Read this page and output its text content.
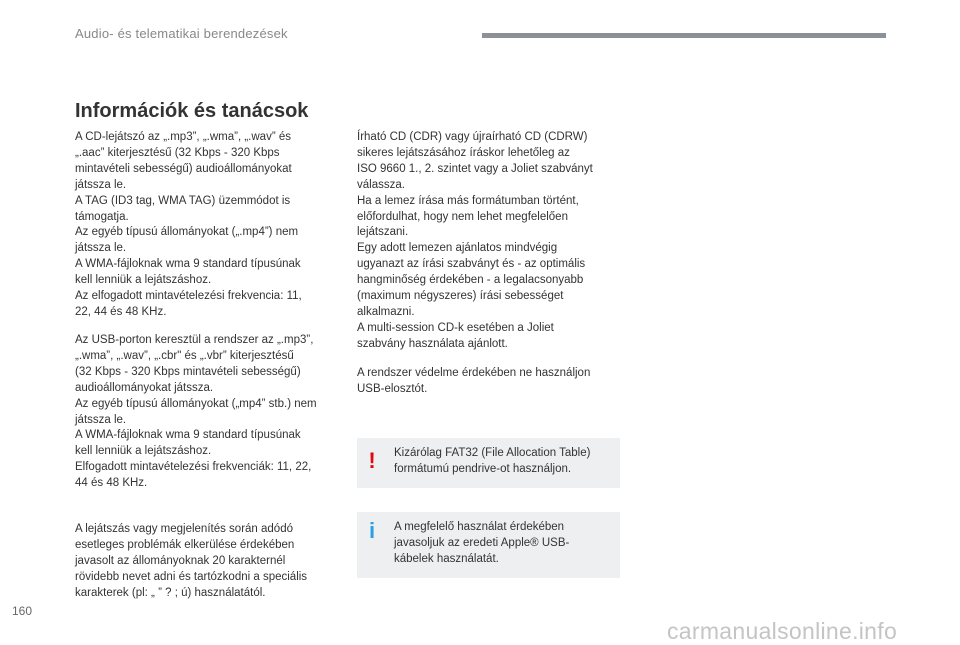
Audio- és telematikai berendezések
Információk és tanácsok

A CD-lejátszó az „.mp3”, „.wma”, „.wav” és
„.aac” kiterjesztésű (32 Kbps - 320 Kbps
mintavételi sebességű) audioállományokat
játssza le.
A TAG (ID3 tag, WMA TAG) üzemmódot is
támogatja.
Az egyéb típusú állományokat („.mp4”) nem
játssza le.
A WMA-fájloknak wma 9 standard típusúnak
kell lenniük a lejátszáshoz.
Az elfogadott mintavételezési frekvencia: 11,
22, 44 és 48 KHz.

Az USB-porton keresztül a rendszer az „.mp3”,
„.wma”, „.wav”, „.cbr" és „.vbr” kiterjesztésű
(32 Kbps - 320 Kbps mintavételi sebességű)
audioállományokat játssza.
Az egyéb típusú állományokat („mp4” stb.) nem
játssza le.
A WMA-fájloknak wma 9 standard típusúnak
kell lenniük a lejátszáshoz.
Elfogadott mintavételezési frekvenciák: 11, 22,
44 és 48 KHz.

A lejátszás vagy megjelenítés során adódó
esetleges problémák elkerülése érdekében
javasolt az állományoknak 20 karakternél
rövidebb nevet adni és tartózkodni a speciális
karakterek (pl: „ ” ? ; ú) használatától.

Írható CD (CDR) vagy újraírható CD (CDRW)
sikeres lejátszásához íráskor lehetőleg az
ISO 9660 1., 2. szintet vagy a Joliet szabványt
válassza.
Ha a lemez írása más formátumban történt,
előfordulhat, hogy nem lehet megfelelően
lejátszani.
Egy adott lemezen ajánlatos mindvégig
ugyanazt az írási szabványt és - az optimális
hangminőség érdekében - a legalacsonyabb
(maximum négyszeres) írási sebességet
alkalmazni.
A multi-session CD-k esetében a Joliet
szabvány használata ajánlott.

A rendszer védelme érdekében ne használjon
USB-elosztót.

! Kizárólag FAT32 (File Allocation Table)
formátumú pendrive-ot használjon.
i	A megfelelő használat érdekében
javasoljuk az eredeti Apple® USB-
kábelek használatát.
160
carmanualsonline.info
